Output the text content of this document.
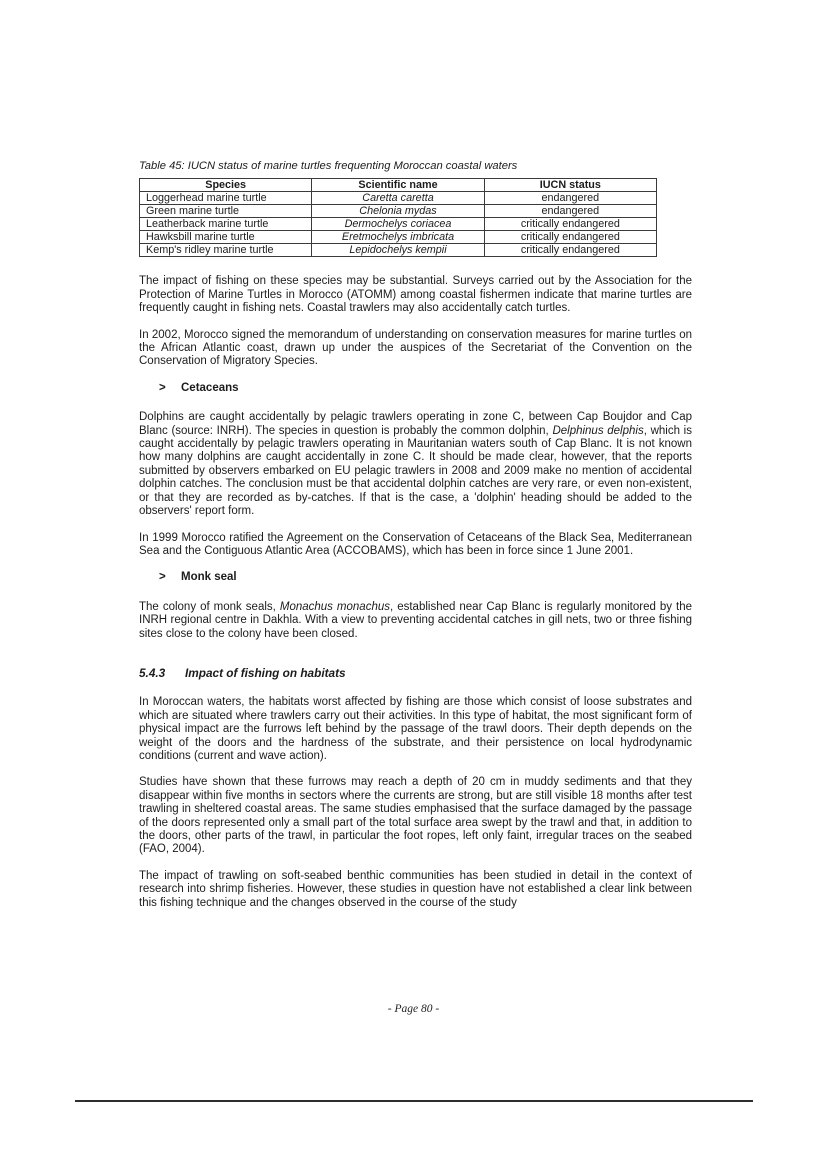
Table 45: IUCN status of marine turtles frequenting Moroccan coastal waters
Species	Scientific name	IUCN status
Loggerhead marine turtle	Caretta caretta	endangered
Green marine turtle	Chelonia mydas	endangered
Leatherback marine turtle	Dermochelys coriacea	critically endangered
Hawksbill marine turtle	Eretmochelys imbricata	critically endangered
Kemp's ridley marine turtle	Lepidochelys kempii	critically endangered

The impact of fishing on these species may be substantial. Surveys carried out by the Association for the Protection of Marine Turtles in Morocco (ATOMM) among coastal fishermen indicate that marine turtles are frequently caught in fishing nets. Coastal trawlers may also accidentally catch turtles.

In 2002, Morocco signed the memorandum of understanding on conservation measures for marine turtles on the African Atlantic coast, drawn up under the auspices of the Secretariat of the Convention on the Conservation of Migratory Species.

> Cetaceans

Dolphins are caught accidentally by pelagic trawlers operating in zone C, between Cap Boujdor and Cap Blanc (source: INRH). The species in question is probably the common dolphin, Delphinus delphis, which is caught accidentally by pelagic trawlers operating in Mauritanian waters south of Cap Blanc. It is not known how many dolphins are caught accidentally in zone C. It should be made clear, however, that the reports submitted by observers embarked on EU pelagic trawlers in 2008 and 2009 make no mention of accidental dolphin catches. The conclusion must be that accidental dolphin catches are very rare, or even non-existent, or that they are recorded as by-catches. If that is the case, a 'dolphin' heading should be added to the observers' report form.

In 1999 Morocco ratified the Agreement on the Conservation of Cetaceans of the Black Sea, Mediterranean Sea and the Contiguous Atlantic Area (ACCOBAMS), which has been in force since 1 June 2001.

> Monk seal

The colony of monk seals, Monachus monachus, established near Cap Blanc is regularly monitored by the INRH regional centre in Dakhla. With a view to preventing accidental catches in gill nets, two or three fishing sites close to the colony have been closed.

5.4.3 Impact of fishing on habitats

In Moroccan waters, the habitats worst affected by fishing are those which consist of loose substrates and which are situated where trawlers carry out their activities. In this type of habitat, the most significant form of physical impact are the furrows left behind by the passage of the trawl doors. Their depth depends on the weight of the doors and the hardness of the substrate, and their persistence on local hydrodynamic conditions (current and wave action).

Studies have shown that these furrows may reach a depth of 20 cm in muddy sediments and that they disappear within five months in sectors where the currents are strong, but are still visible 18 months after test trawling in sheltered coastal areas. The same studies emphasised that the surface damaged by the passage of the doors represented only a small part of the total surface area swept by the trawl and that, in addition to the doors, other parts of the trawl, in particular the foot ropes, left only faint, irregular traces on the seabed (FAO, 2004).

The impact of trawling on soft-seabed benthic communities has been studied in detail in the context of research into shrimp fisheries. However, these studies in question have not established a clear link between this fishing technique and the changes observed in the course of the study

- Page 80 -
